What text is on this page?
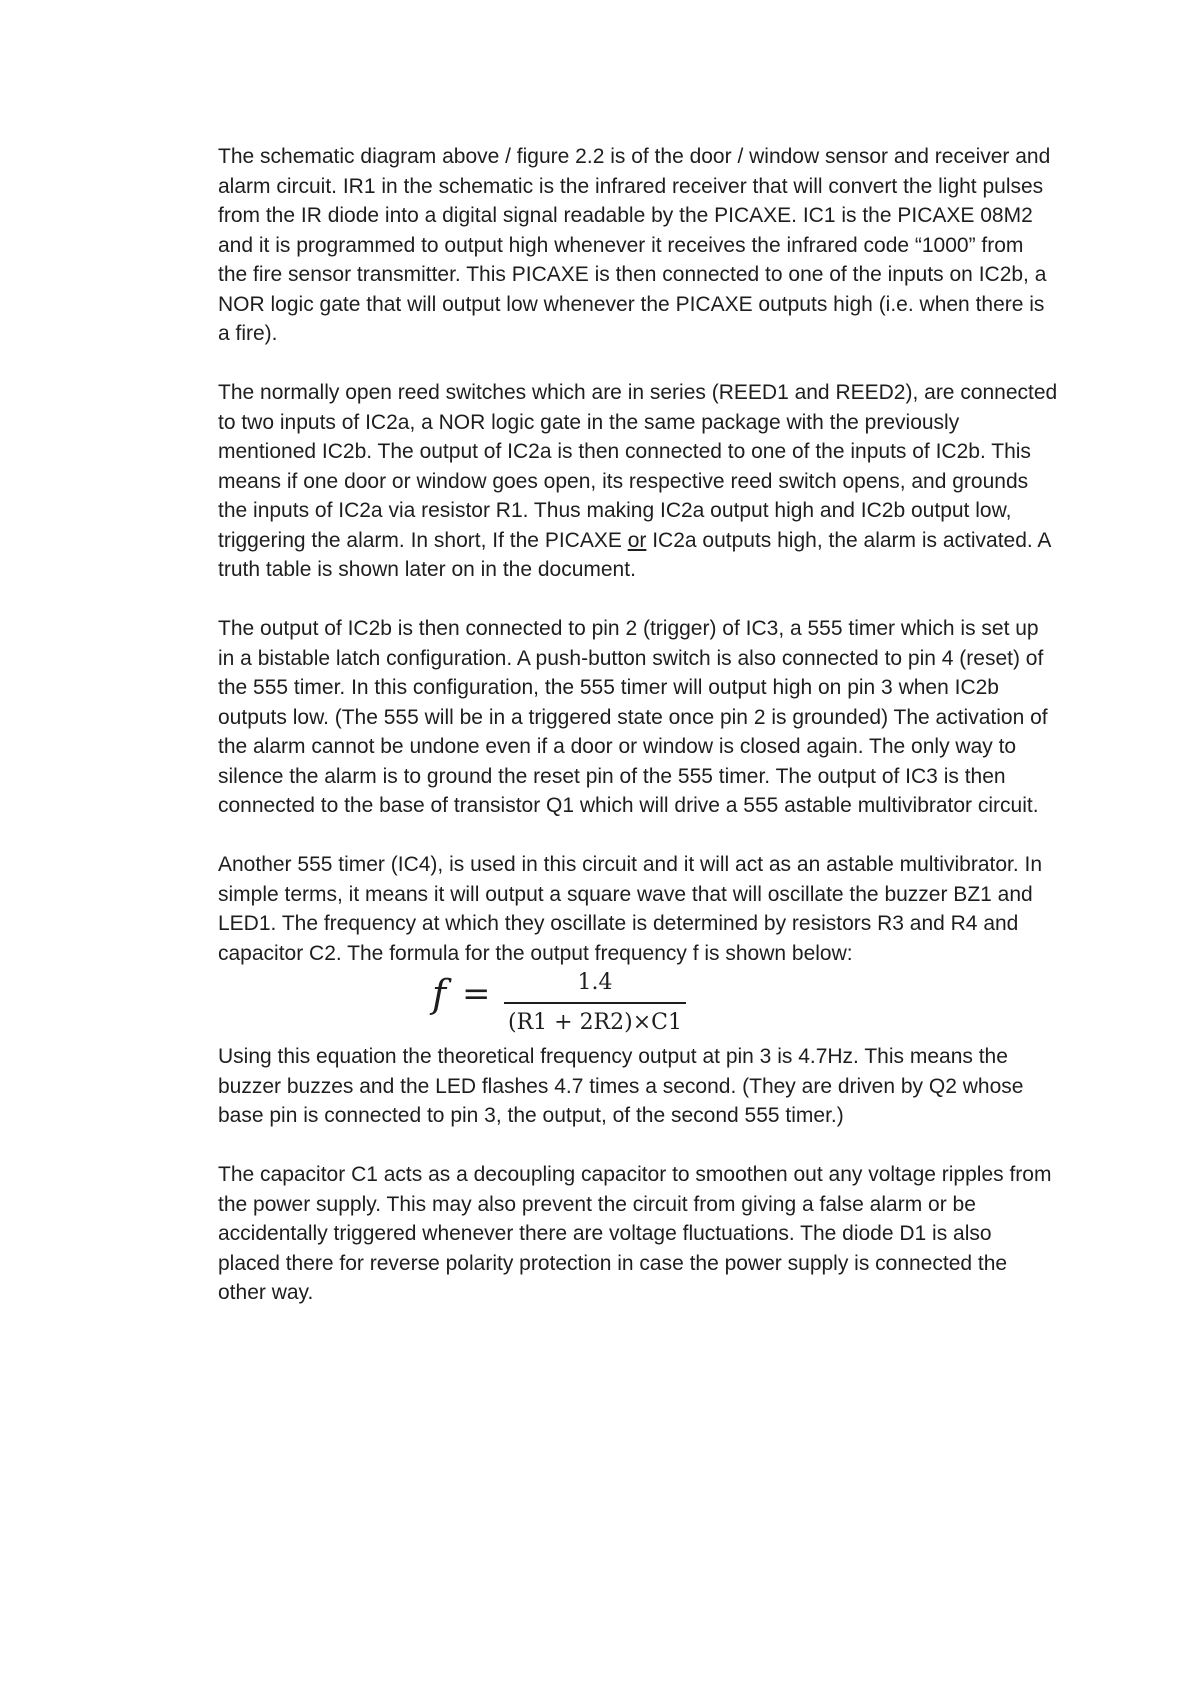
The schematic diagram above / figure 2.2 is of the door / window sensor and receiver and alarm circuit. IR1 in the schematic is the infrared receiver that will convert the light pulses from the IR diode into a digital signal readable by the PICAXE. IC1 is the PICAXE 08M2 and it is programmed to output high whenever it receives the infrared code “1000” from the fire sensor transmitter. This PICAXE is then connected to one of the inputs on IC2b, a NOR logic gate that will output low whenever the PICAXE outputs high (i.e. when there is a fire).

The normally open reed switches which are in series (REED1 and REED2), are connected to two inputs of IC2a, a NOR logic gate in the same package with the previously mentioned IC2b. The output of IC2a is then connected to one of the inputs of IC2b. This means if one door or window goes open, its respective reed switch opens, and grounds the inputs of IC2a via resistor R1. Thus making IC2a output high and IC2b output low, triggering the alarm. In short, If the PICAXE or IC2a outputs high, the alarm is activated. A truth table is shown later on in the document.

The output of IC2b is then connected to pin 2 (trigger) of IC3, a 555 timer which is set up in a bistable latch configuration. A push-button switch is also connected to pin 4 (reset) of the 555 timer. In this configuration, the 555 timer will output high on pin 3 when IC2b outputs low. (The 555 will be in a triggered state once pin 2 is grounded) The activation of the alarm cannot be undone even if a door or window is closed again. The only way to silence the alarm is to ground the reset pin of the 555 timer. The output of IC3 is then connected to the base of transistor Q1 which will drive a 555 astable multivibrator circuit.

Another 555 timer (IC4), is used in this circuit and it will act as an astable multivibrator. In simple terms, it means it will output a square wave that will oscillate the buzzer BZ1 and LED1. The frequency at which they oscillate is determined by resistors R3 and R4 and capacitor C2. The formula for the output frequency f is shown below:

f =	1.4
(R1 + 2R2)×C1

Using this equation the theoretical frequency output at pin 3 is 4.7Hz. This means the buzzer buzzes and the LED flashes 4.7 times a second. (They are driven by Q2 whose base pin is connected to pin 3, the output, of the second 555 timer.)

The capacitor C1 acts as a decoupling capacitor to smoothen out any voltage ripples from the power supply. This may also prevent the circuit from giving a false alarm or be accidentally triggered whenever there are voltage fluctuations. The diode D1 is also placed there for reverse polarity protection in case the power supply is connected the other way.
